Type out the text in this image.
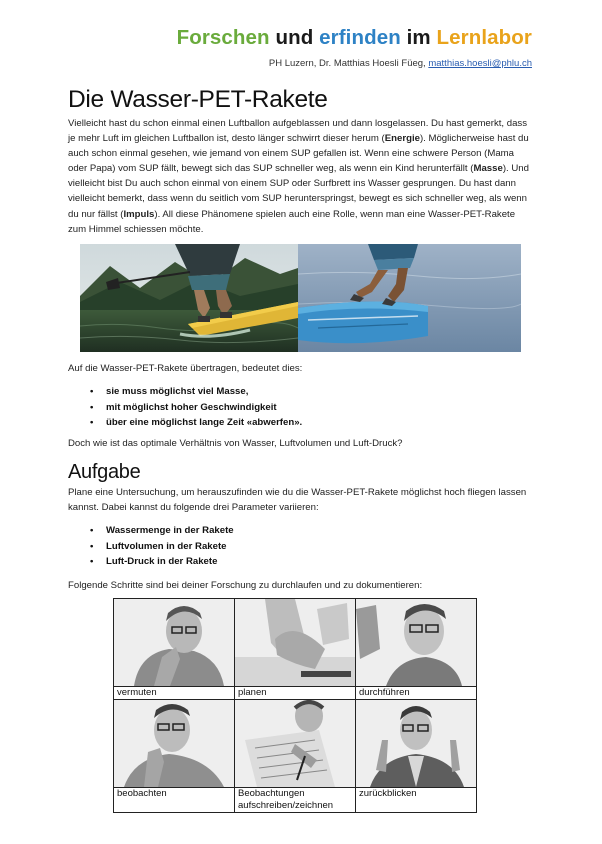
Forschen und erfinden im Lernlabor
PH Luzern, Dr. Matthias Hoesli Füeg, matthias.hoesli@phlu.ch
Die Wasser-PET-Rakete

Vielleicht hast du schon einmal einen Luftballon aufgeblassen und dann losgelassen. Du hast gemerkt, dass je mehr Luft im gleichen Luftballon ist, desto länger schwirrt dieser herum (Energie). Möglicherweise hast du auch schon einmal gesehen, wie jemand von einem SUP gefallen ist. Wenn eine schwere Person (Mama oder Papa) vom SUP fällt, bewegt sich das SUP schneller weg, als wenn ein Kind herunterfällt (Masse). Und vielleicht bist Du auch schon einmal von einem SUP oder Surfbrett ins Wasser gesprungen. Du hast dann vielleicht bemerkt, dass wenn du seitlich vom SUP herunterspringst, bewegt es sich schneller weg, als wenn du nur fällst (Impuls). All diese Phänomene spielen auch eine Rolle, wenn man eine Wasser-PET-Rakete zum Himmel schiessen möchte.

Auf die Wasser-PET-Rakete übertragen, bedeutet dies:

• sie muss möglichst viel Masse,
• mit möglichst hoher Geschwindigkeit
• über eine möglichst lange Zeit «abwerfen».

Doch wie ist das optimale Verhältnis von Wasser, Luftvolumen und Luft-Druck?

Aufgabe

Plane eine Untersuchung, um herauszufinden wie du die Wasser-PET-Rakete möglichst hoch fliegen lassen kannst. Dabei kannst du folgende drei Parameter variieren:

• Wassermenge in der Rakete
• Luftvolumen in der Rakete
• Luft-Druck in der Rakete

Folgende Schritte sind bei deiner Forschung zu durchlaufen und zu dokumentieren:

vermuten	planen	durchführen

beobachten	Beobachtungen aufschreiben/zeichnen	zurückblicken
